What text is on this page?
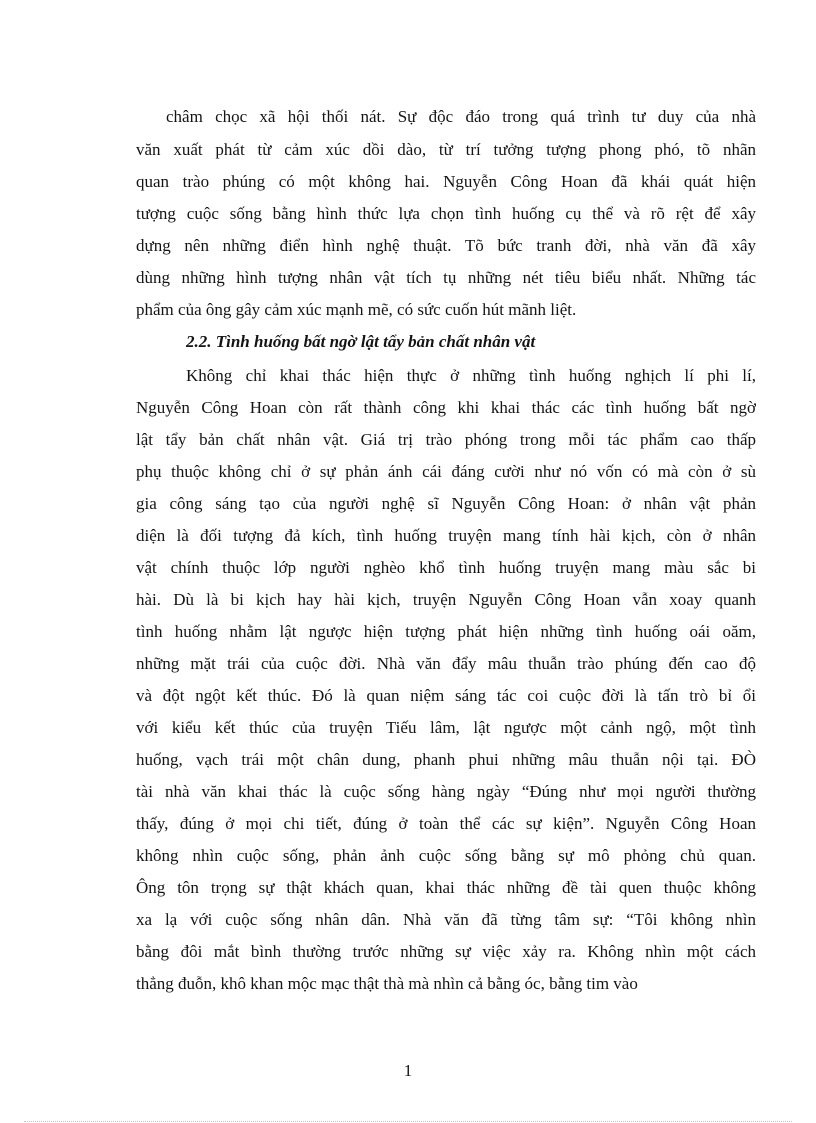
châm chọc xã hội thối nát. Sự độc đáo trong quá trình tư duy của nhà
văn xuất phát từ cảm xúc dồi dào, từ trí tưởng tượng phong phó, tõ nhãn
quan trào phúng có một không hai. Nguyễn Công Hoan đã khái quát hiện
tượng cuộc sống bằng hình thức lựa chọn tình huống cụ thể và rõ rệt để xây
dựng nên những điển hình nghệ thuật. Tõ bức tranh đời, nhà văn đã xây
dùng những hình tượng nhân vật tích tụ những nét tiêu biểu nhất. Những tác
phẩm của ông gây cảm xúc mạnh mẽ, có sức cuốn hút mãnh liệt.
2.2. Tình huống bất ngờ lật tẩy bản chất nhân vật
Không chỉ khai thác hiện thực ở những tình huống nghịch lí phi lí,
Nguyễn Công Hoan còn rất thành công khi khai thác các tình huống bất ngờ
lật tẩy bản chất nhân vật. Giá trị trào phóng trong mỗi tác phẩm cao thấp
phụ thuộc không chỉ ở sự phản ánh cái đáng cười như nó vốn có mà còn ở sù
gia công sáng tạo của người nghệ sĩ Nguyễn Công Hoan: ở nhân vật phản
diện là đối tượng đả kích, tình huống truyện mang tính hài kịch, còn ở nhân
vật chính thuộc lớp người nghèo khổ tình huống truyện mang màu sắc bi
hài. Dù là bi kịch hay hài kịch, truyện Nguyễn Công Hoan vẫn xoay quanh
tình huống nhằm lật ngược hiện tượng phát hiện những tình huống oái oăm,
những mặt trái của cuộc đời. Nhà văn đẩy mâu thuẫn trào phúng đến cao độ
và đột ngột kết thúc. Đó là quan niệm sáng tác coi cuộc đời là tấn trò bỉ ổi
với kiểu kết thúc của truyện Tiếu lâm, lật ngược một cảnh ngộ, một tình
huống, vạch trái một chân dung, phanh phui những mâu thuẫn nội tại. ĐÒ
tài nhà văn khai thác là cuộc sống hàng ngày “Đúng như mọi người thường
thấy, đúng ở mọi chi tiết, đúng ở toàn thể các sự kiện”. Nguyễn Công Hoan
không nhìn cuộc sống, phản ảnh cuộc sống bằng sự mô phỏng chủ quan.
Ông tôn trọng sự thật khách quan, khai thác những đề tài quen thuộc không
xa lạ với cuộc sống nhân dân. Nhà văn đã từng tâm sự: “Tôi không nhìn
bằng đôi mắt bình thường trước những sự việc xảy ra. Không nhìn một cách
thẳng đuỗn, khô khan mộc mạc thật thà mà nhìn cả bằng óc, bằng tim vào
1
